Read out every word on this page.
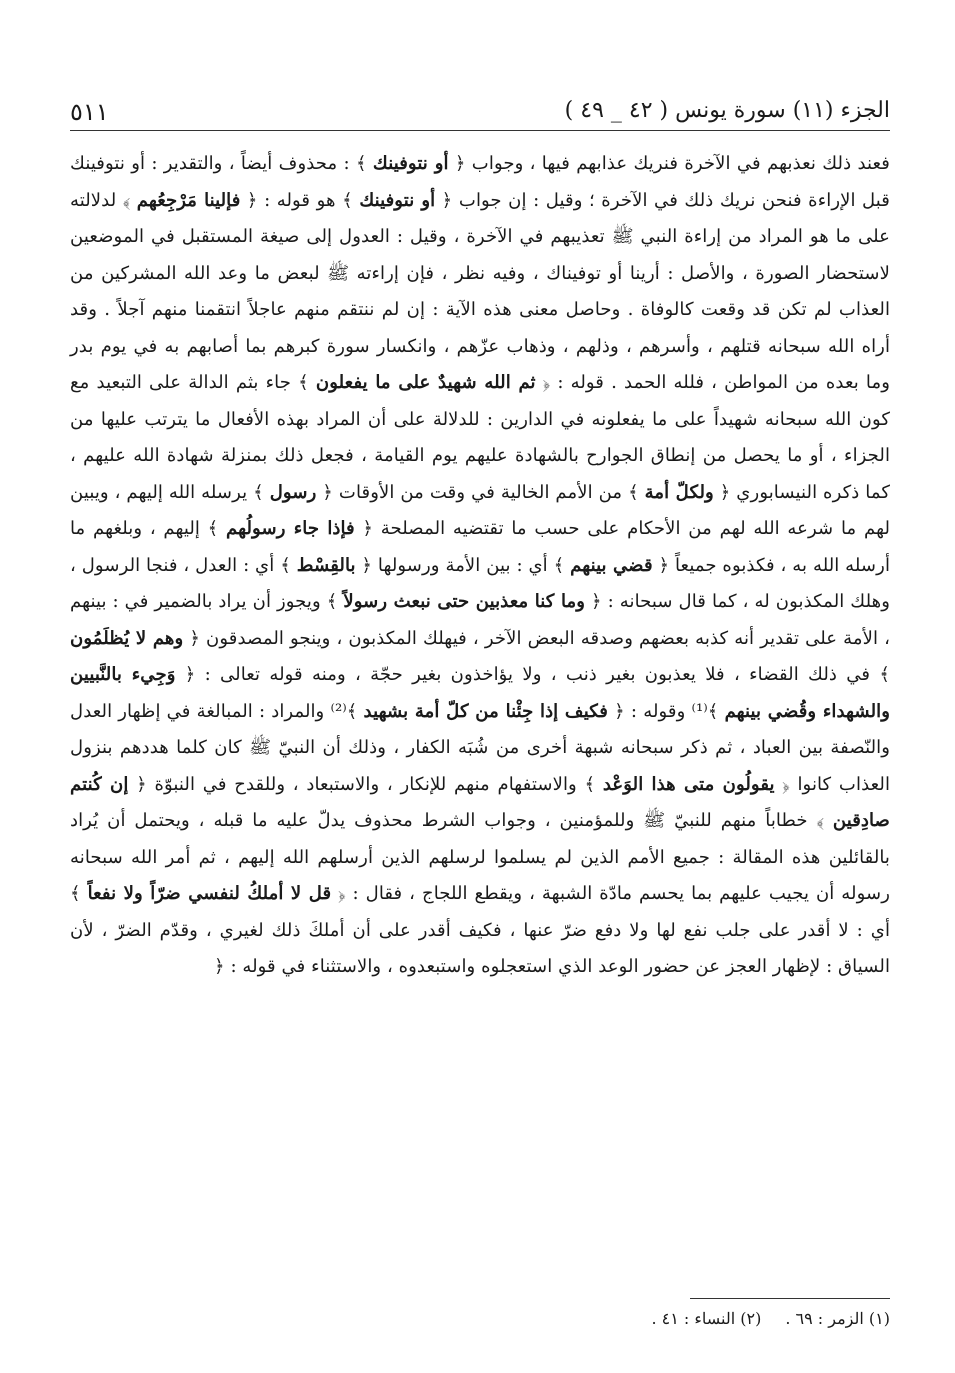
٥١١	الجزء (١١) سورة يونس ( ٤٢ _ ٤٩ )

فعند ذلك نعذبهم في الآخرة فنريك عذابهم فيها ، وجواب ﴿ أو نتوفينك ﴾ : محذوف أيضاً ، والتقدير : أو نتوفينك قبل الإراءة فنحن نريك ذلك في الآخرة ؛ وقيل : إن جواب ﴿ أو نتوفينك ﴾ هو قوله : ﴿ فإلينا مَرْجِعُهم ﴾ لدلالته على ما هو المراد من إراءة النبي ﷺ تعذيبهم في الآخرة ، وقيل : العدول إلى صيغة المستقبل في الموضعين لاستحضار الصورة ، والأصل : أرينا أو توفيناك ، وفيه نظر ، فإن إراءته ﷺ لبعض ما وعد الله المشركين من العذاب لم تكن قد وقعت كالوفاة . وحاصل معنى هذه الآية : إن لم ننتقم منهم عاجلاً انتقمنا منهم آجلاً . وقد أراه الله سبحانه قتلهم ، وأسرهم ، وذلهم ، وذهاب عزّهم ، وانكسار سورة كبرهم بما أصابهم به في يوم بدر وما بعده من المواطن ، فلله الحمد . قوله : ﴿ ثم الله شهيدٌ على ما يفعلون ﴾ جاء بثم الدالة على التبعيد مع كون الله سبحانه شهيداً على ما يفعلونه في الدارين : للدلالة على أن المراد بهذه الأفعال ما يترتب عليها من الجزاء ، أو ما يحصل من إنطاق الجوارح بالشهادة عليهم يوم القيامة ، فجعل ذلك بمنزلة شهادة الله عليهم ، كما ذكره النيسابوري ﴿ ولكلّ أمة ﴾ من الأمم الخالية في وقت من الأوقات ﴿ رسول ﴾ يرسله الله إليهم ، ويبين لهم ما شرعه الله لهم من الأحكام على حسب ما تقتضيه المصلحة ﴿ فإذا جاء رسولُهم ﴾ إليهم ، وبلغهم ما أرسله الله به ، فكذبوه جميعاً ﴿ قضي بينهم ﴾ أي : بين الأمة ورسولها ﴿ بالقِسْط ﴾ أي : العدل ، فنجا الرسول ، وهلك المكذبون له ، كما قال سبحانه : ﴿ وما كنا معذبين حتى نبعث رسولاً ﴾ ويجوز أن يراد بالضمير في : بينهم ، الأمة على تقدير أنه كذبه بعضهم وصدقه البعض الآخر ، فيهلك المكذبون ، وينجو المصدقون ﴿ وهم لا يُظلَمُون ﴾ في ذلك القضاء ، فلا يعذبون بغير ذنب ، ولا يؤاخذون بغير حجّة ، ومنه قوله تعالى : ﴿ وَجِيء بالنَّبيين والشهداء وقُضي بينهم ﴾⁽¹⁾ وقوله : ﴿ فكيف إذا جِئْنا من كلّ أمة بشهيد ﴾⁽²⁾ والمراد : المبالغة في إظهار العدل والنّصفة بين العباد ، ثم ذكر سبحانه شبهة أخرى من شُبَه الكفار ، وذلك أن النبيّ ﷺ كان كلما هددهم بنزول العذاب كانوا ﴿ يقولُون متى هذا الوَعْد ﴾ والاستفهام منهم للإنكار ، والاستبعاد ، وللقدح في النبوّة ﴿ إن كُنتم صادِقين ﴾ خطاباً منهم للنبيّ ﷺ وللمؤمنين ، وجواب الشرط محذوف يدلّ عليه ما قبله ، ويحتمل أن يُراد بالقائلين هذه المقالة : جميع الأمم الذين لم يسلموا لرسلهم الذين أرسلهم الله إليهم ، ثم أمر الله سبحانه رسوله أن يجيب عليهم بما يحسم مادّة الشبهة ، ويقطع اللجاج ، فقال : ﴿ قل لا أملكُ لنفسي ضرّاً ولا نفعاً ﴾ أي : لا أقدر على جلب نفع لها ولا دفع ضرّ عنها ، فكيف أقدر على أن أملكَ ذلك لغيري ، وقدّم الضرّ ، لأن السياق : لإظهار العجز عن حضور الوعد الذي استعجلوه واستبعدوه ، والاستثناء في قوله : ﴿

(١) الزمر : ٦٩ .(٢) النساء : ٤١ .
